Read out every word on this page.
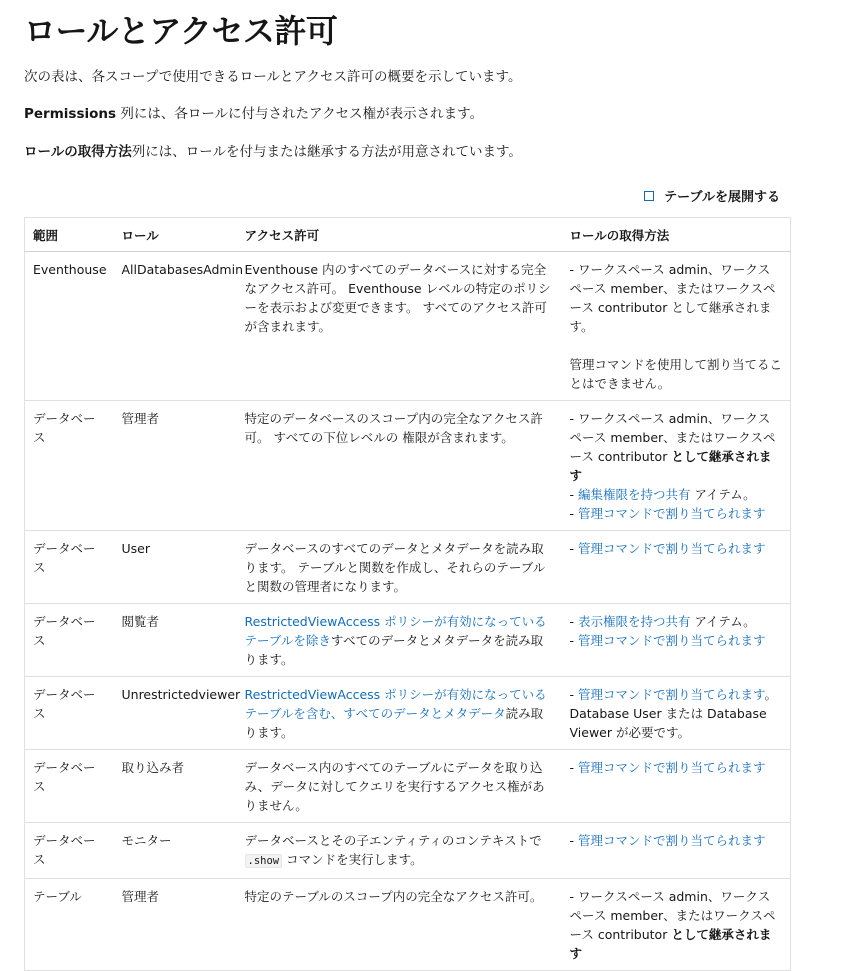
ロールとアクセス許可

次の表は、各スコープで使用できるロールとアクセス許可の概要を示しています。

Permissions 列には、各ロールに付与されたアクセス権が表示されます。

ロールの取得方法列には、ロールを付与または継承する方法が用意されています。

テーブルを展開する
範囲	ロール	アクセス許可	ロールの取得方法
Eventhouse	AllDatabasesAdmin	Eventhouse 内のすべてのデータベースに対する完全なアクセス許可。 Eventhouse レベルの特定のポリシーを表示および変更できます。 すべてのアクセス許可が含まれます。	- ワークスペース admin、ワークスペース member、またはワークスペース contributor として継承されます。
管理コマンドを使用して割り当てることはできません。
データベース	管理者	特定のデータベースのスコープ内の完全なアクセス許可。 すべての下位レベルの 権限が含まれます。	- ワークスペース admin、ワークスペース member、またはワークスペース contributor として継承されます
- 編集権限を持つ共有 アイテム。
- 管理コマンドで割り当てられます
データベース	User	データベースのすべてのデータとメタデータを読み取ります。 テーブルと関数を作成し、それらのテーブルと関数の管理者になります。	- 管理コマンドで割り当てられます
データベース	閲覧者	RestrictedViewAccess ポリシーが有効になっているテーブルを除きすべてのデータとメタデータを読み取ります。	- 表示権限を持つ共有 アイテム。
- 管理コマンドで割り当てられます
データベース	Unrestrictedviewer	RestrictedViewAccess ポリシーが有効になっているテーブルを含む、すべてのデータとメタデータ読み取ります。	- 管理コマンドで割り当てられます。 Database User または Database Viewer が必要です。
データベース	取り込み者	データベース内のすべてのテーブルにデータを取り込み、データに対してクエリを実行するアクセス権がありません。	- 管理コマンドで割り当てられます
データベース	モニター	データベースとその子エンティティのコンテキストで .show コマンドを実行します。	- 管理コマンドで割り当てられます
テーブル	管理者	特定のテーブルのスコープ内の完全なアクセス許可。	- ワークスペース admin、ワークスペース member、またはワークスペース contributor として継承されます
